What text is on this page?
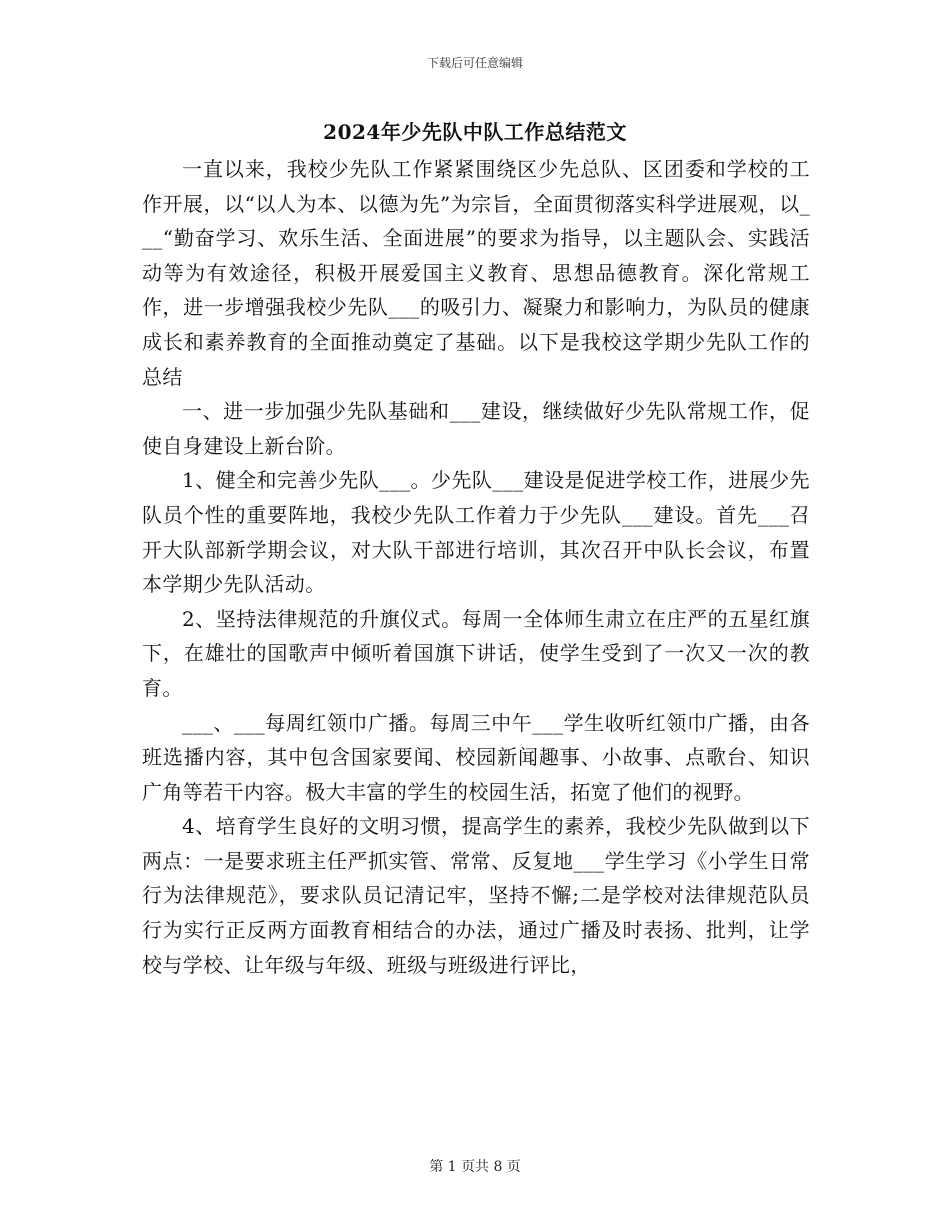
下载后可任意编辑
2024年少先队中队工作总结范文

一直以来，我校少先队工作紧紧围绕区少先总队、区团委和学校的工作开展，以“以人为本、以德为先”为宗旨，全面贯彻落实科学进展观，以___“勤奋学习、欢乐生活、全面进展”的要求为指导，以主题队会、实践活动等为有效途径，积极开展爱国主义教育、思想品德教育。深化常规工作，进一步增强我校少先队___的吸引力、凝聚力和影响力，为队员的健康成长和素养教育的全面推动奠定了基础。以下是我校这学期少先队工作的总结

一、进一步加强少先队基础和___建设，继续做好少先队常规工作，促使自身建设上新台阶。

1、健全和完善少先队___。少先队___建设是促进学校工作，进展少先队员个性的重要阵地，我校少先队工作着力于少先队___建设。首先___召开大队部新学期会议，对大队干部进行培训，其次召开中队长会议，布置本学期少先队活动。

2、坚持法律规范的升旗仪式。每周一全体师生肃立在庄严的五星红旗下，在雄壮的国歌声中倾听着国旗下讲话，使学生受到了一次又一次的教育。

___、___每周红领巾广播。每周三中午___学生收听红领巾广播，由各班选播内容，其中包含国家要闻、校园新闻趣事、小故事、点歌台、知识广角等若干内容。极大丰富的学生的校园生活，拓宽了他们的视野。

4、培育学生良好的文明习惯，提高学生的素养，我校少先队做到以下两点：一是要求班主任严抓实管、常常、反复地___学生学习《小学生日常行为法律规范》，要求队员记清记牢，坚持不懈;二是学校对法律规范队员行为实行正反两方面教育相结合的办法，通过广播及时表扬、批判，让学校与学校、让年级与年级、班级与班级进行评比，

第 1 页共 8 页
